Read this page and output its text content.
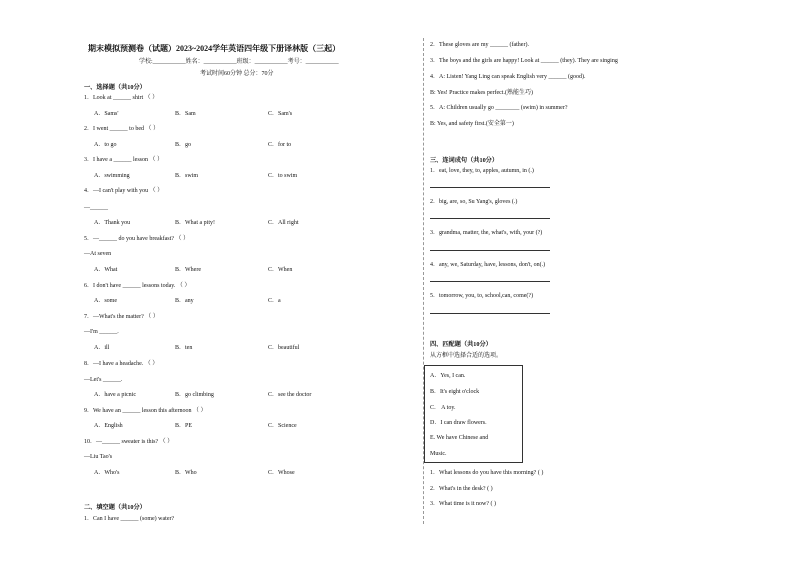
期末模拟预测卷（试题）2023~2024学年英语四年级下册译林版（三起）
学校:___________姓名：___________班级：___________考号：___________
考试时间60分钟 总分：70分
一、选择题（共10分）
1．Look at ______ shirt （ ）
A．Sams'	B．Sam	C．Sam's
2．I went ______ to bed （ ）
A．to go	B．go	C．for to
3．I have a ______ lesson （ ）
A．swimming	B．swim	C．to swim
4．—I can't play with you （ ）
—______
A．Thank you	B．What a pity!	C．All right
5．—______ do you have breakfast? （ ）
—At seven
A．What	B．Where	C．When
6．I don't have ______ lessons today. （ ）
A．some	B．any	C．a
7．—What's the matter? （ ）
—I'm ______.
A．ill	B．ten	C．beautiful
8．—I have a headache. （ ）
—Let's ______.
A．have a picnic	B．go climbing	C．see the doctor
9．We have an ______ lesson this afternoon （ ）
A．English	B．PE	C．Science
10．—______ sweater is this? （ ）
—Liu Tao's
A．Who's	B．Who	C．Whose
二、填空题（共10分）
1．Can I have ______ (some) water?
2．These gloves are my ______ (father).
3．The boys and the girls are happy! Look at ______ (they). They are singing
4．A: Listen! Yang Ling can speak English very ______ (good).
B: Yes! Practice makes perfect.(熟能生巧)
5．A: Children usually go ________ (swim) in summer?
B: Yes, and safety first.(安全第一)
三、连词成句（共10分）
1．eat, love, they, to, apples, autumn, in (.)
2．big, are, so, Su Yang's, gloves (.)
3．grandma, matter, the, what's, with, your (?)
4．any, we, Saturday, have, lessons, don't, on(.)
5．tomorrow, you, to, school,can, come(?)
四、匹配题（共10分）
从方框中选择合适的选项。
A．Yes, I can.
B．It's eight o'clock
C． A toy.
D．I can draw flowers.
E. We have Chinese and
Music.
1．What lessons do you have this morning? ( )
2．What's in the desk? ( )
3．What time is it now? ( )
